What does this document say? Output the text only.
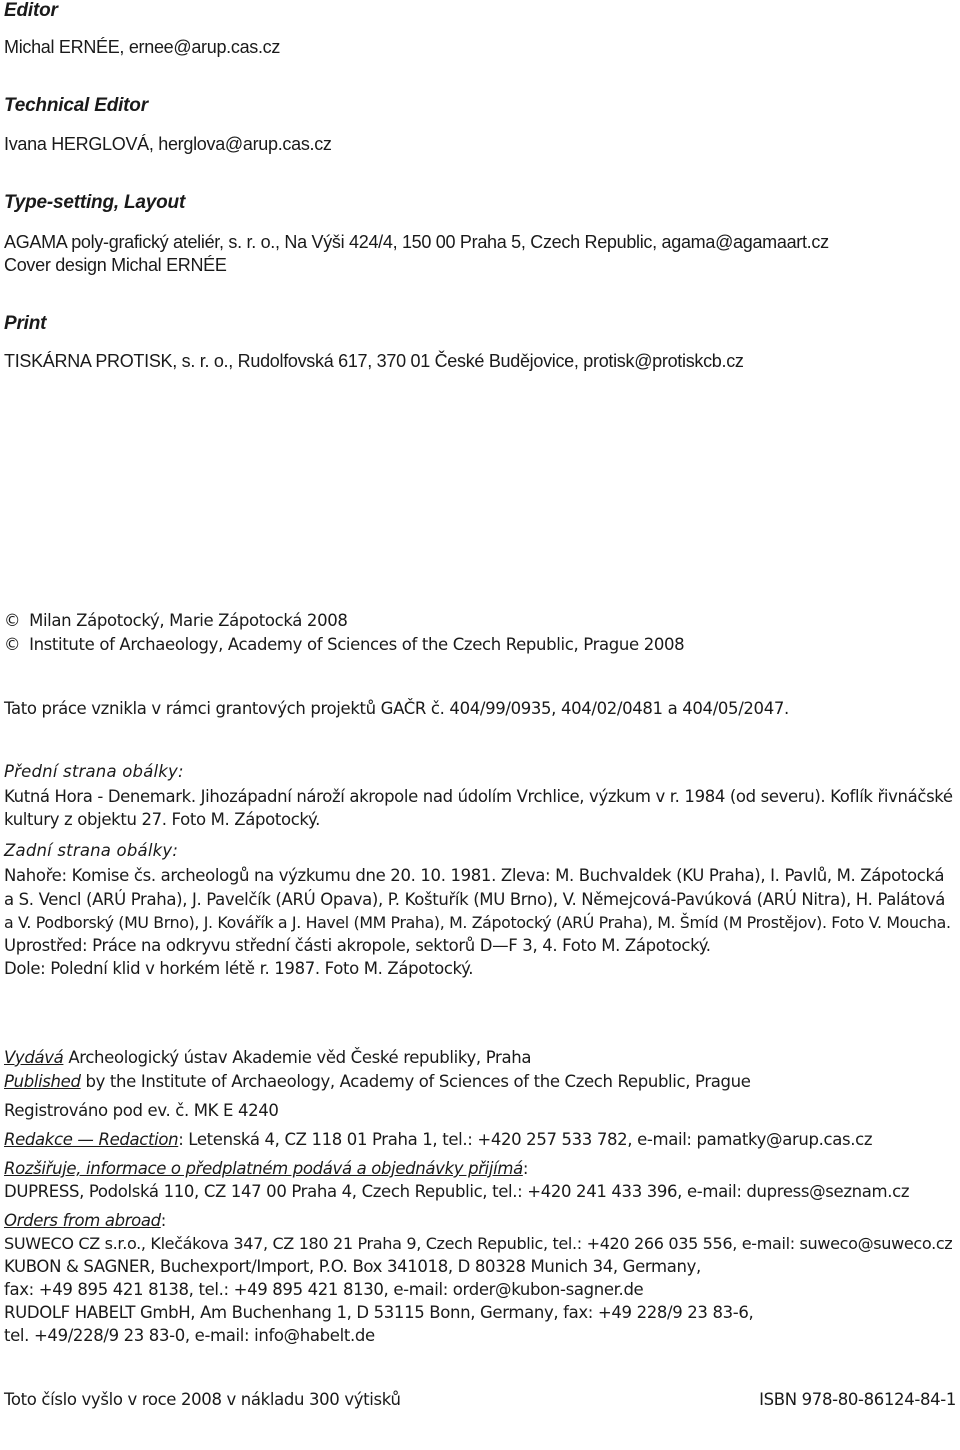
Editor
Michal ERNÉE, ernee@arup.cas.cz
Technical Editor
Ivana HERGLOVÁ, herglova@arup.cas.cz
Type-setting, Layout
AGAMA poly-grafický ateliér, s. r. o., Na Výši 424/4, 150 00 Praha 5, Czech Republic, agama@agamaart.cz
Cover design Michal ERNÉE
Print
TISKÁRNA PROTISK, s. r. o., Rudolfovská 617, 370 01 České Budějovice, protisk@protiskcb.cz
© Milan Zápotocký, Marie Zápotocká 2008
© Institute of Archaeology, Academy of Sciences of the Czech Republic, Prague 2008
Tato práce vznikla v rámci grantových projektů GAČR č. 404/99/0935, 404/02/0481 a 404/05/2047.
Přední strana obálky:
Kutná Hora - Denemark. Jihozápadní nároží akropole nad údolím Vrchlice, výzkum v r. 1984 (od severu). Koflík řivnáčské
kultury z objektu 27. Foto M. Zápotocký.
Zadní strana obálky:
Nahoře: Komise čs. archeologů na výzkumu dne 20. 10. 1981. Zleva: M. Buchvaldek (KU Praha), I. Pavlů, M. Zápotocká
a S. Vencl (ARÚ Praha), J. Pavelčík (ARÚ Opava), P. Koštuřík (MU Brno), V. Němejcová-Pavúková (ARÚ Nitra), H. Palátová
a V. Podborský (MU Brno), J. Kovářík a J. Havel (MM Praha), M. Zápotocký (ARÚ Praha), M. Šmíd (M Prostějov). Foto V. Moucha.
Uprostřed: Práce na odkryvu střední části akropole, sektorů D—F 3, 4. Foto M. Zápotocký.
Dole: Polední klid v horkém létě r. 1987. Foto M. Zápotocký.
Vydává Archeologický ústav Akademie věd České republiky, Praha
Published by the Institute of Archaeology, Academy of Sciences of the Czech Republic, Prague
Registrováno pod ev. č. MK E 4240
Redakce — Redaction: Letenská 4, CZ 118 01 Praha 1, tel.: +420 257 533 782, e-mail: pamatky@arup.cas.cz
Rozšiřuje, informace o předplatném podává a objednávky přijímá:
DUPRESS, Podolská 110, CZ 147 00 Praha 4, Czech Republic, tel.: +420 241 433 396, e-mail: dupress@seznam.cz
Orders from abroad:
SUWECO CZ s.r.o., Klečákova 347, CZ 180 21 Praha 9, Czech Republic, tel.: +420 266 035 556, e-mail: suweco@suweco.cz
KUBON & SAGNER, Buchexport/Import, P.O. Box 341018, D 80328 Munich 34, Germany,
fax: +49 895 421 8138, tel.: +49 895 421 8130, e-mail: order@kubon-sagner.de
RUDOLF HABELT GmbH, Am Buchenhang 1, D 53115 Bonn, Germany, fax: +49 228/9 23 83-6,
tel. +49/228/9 23 83-0, e-mail: info@habelt.de
Toto číslo vyšlo v roce 2008 v nákladu 300 výtisků	ISBN 978-80-86124-84-1
